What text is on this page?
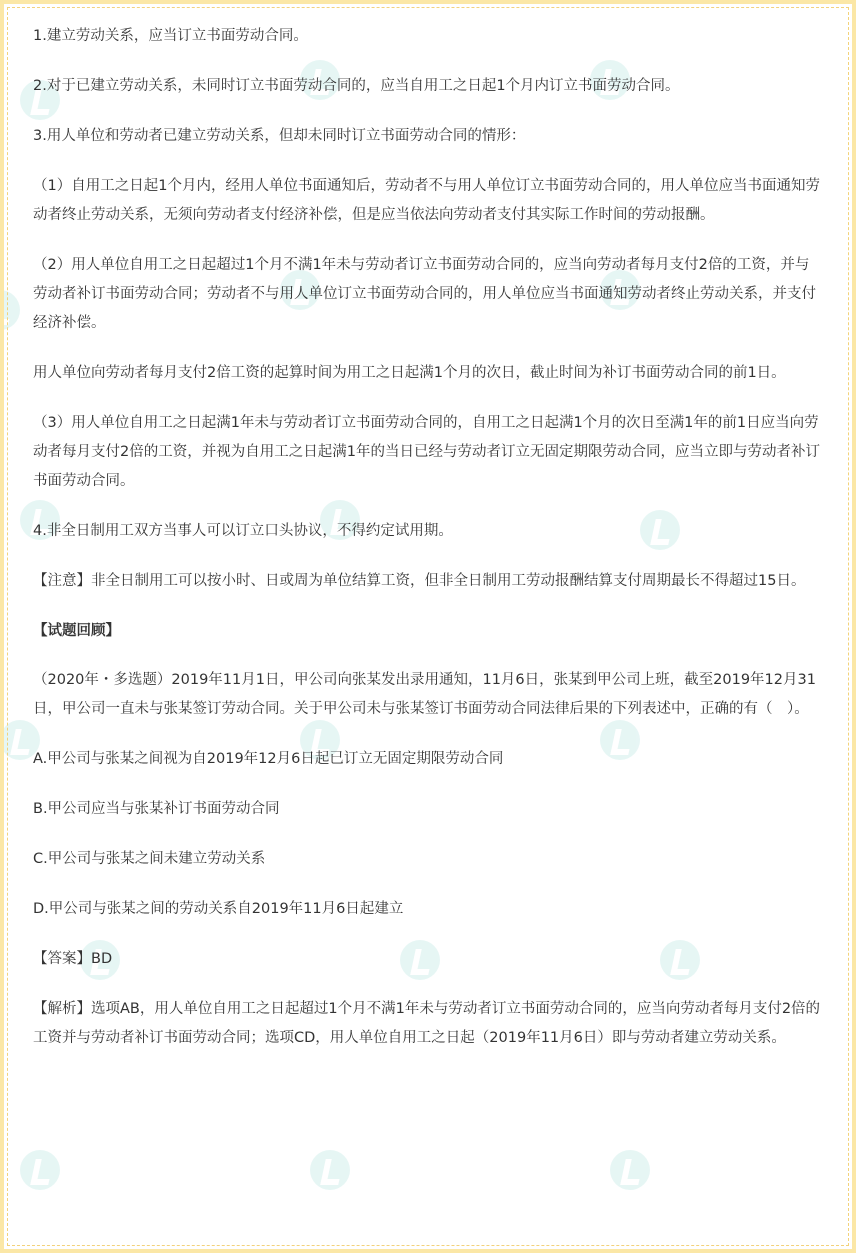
1.建立劳动关系，应当订立书面劳动合同。

2.对于已建立劳动关系，未同时订立书面劳动合同的，应当自用工之日起1个月内订立书面劳动合同。

3.用人单位和劳动者已建立劳动关系，但却未同时订立书面劳动合同的情形：

（1）自用工之日起1个月内，经用人单位书面通知后，劳动者不与用人单位订立书面劳动合同的，用人单位应当书面通知劳动者终止劳动关系，无须向劳动者支付经济补偿，但是应当依法向劳动者支付其实际工作时间的劳动报酬。

（2）用人单位自用工之日起超过1个月不满1年未与劳动者订立书面劳动合同的，应当向劳动者每月支付2倍的工资，并与劳动者补订书面劳动合同；劳动者不与用人单位订立书面劳动合同的，用人单位应当书面通知劳动者终止劳动关系，并支付经济补偿。

用人单位向劳动者每月支付2倍工资的起算时间为用工之日起满1个月的次日，截止时间为补订书面劳动合同的前1日。

（3）用人单位自用工之日起满1年未与劳动者订立书面劳动合同的，自用工之日起满1个月的次日至满1年的前1日应当向劳动者每月支付2倍的工资，并视为自用工之日起满1年的当日已经与劳动者订立无固定期限劳动合同，应当立即与劳动者补订书面劳动合同。

4.非全日制用工双方当事人可以订立口头协议，不得约定试用期。

【注意】非全日制用工可以按小时、日或周为单位结算工资，但非全日制用工劳动报酬结算支付周期最长不得超过15日。

【试题回顾】

（2020年・多选题）2019年11月1日，甲公司向张某发出录用通知，11月6日，张某到甲公司上班，截至2019年12月31日，甲公司一直未与张某签订劳动合同。关于甲公司未与张某签订书面劳动合同法律后果的下列表述中，正确的有（　）。

A.甲公司与张某之间视为自2019年12月6日起已订立无固定期限劳动合同

B.甲公司应当与张某补订书面劳动合同

C.甲公司与张某之间未建立劳动关系

D.甲公司与张某之间的劳动关系自2019年11月6日起建立

【答案】BD

【解析】选项AB，用人单位自用工之日起超过1个月不满1年未与劳动者订立书面劳动合同的，应当向劳动者每月支付2倍的工资并与劳动者补订书面劳动合同；选项CD，用人单位自用工之日起（2019年11月6日）即与劳动者建立劳动关系。
